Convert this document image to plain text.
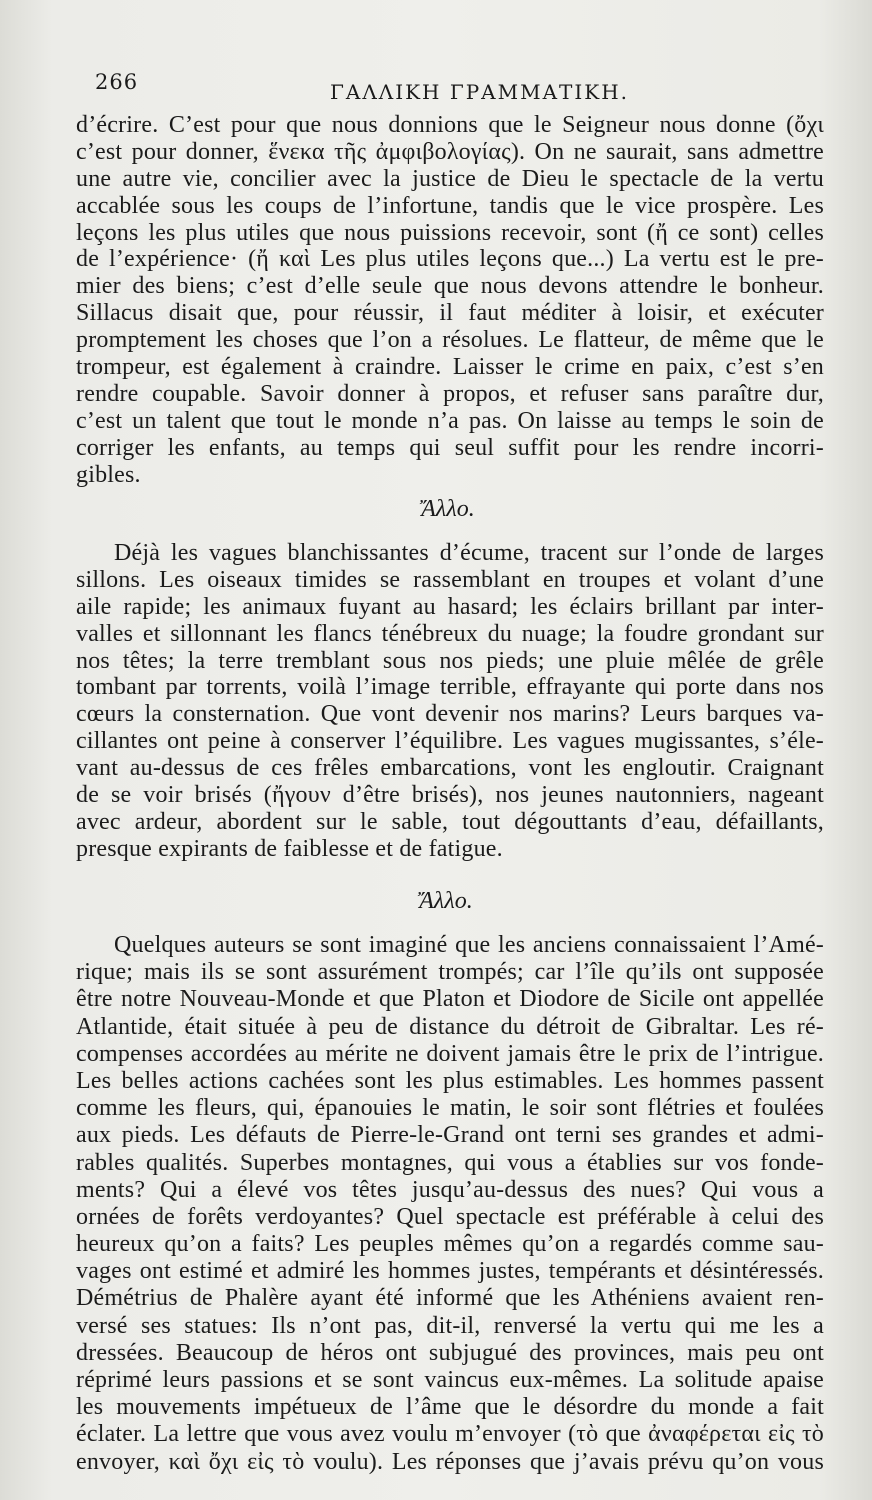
266	ΓΑΛΛΙΚΗ ΓΡΑΜΜΑΤΙΚΗ.
d’écrire. C’est pour que nous donnions que le Seigneur nous donne (ὄχι
c’est pour donner, ἕνεκα τῆς ἀμφιβολογίας). On ne saurait, sans admettre
une autre vie, concilier avec la justice de Dieu le spectacle de la vertu
accablée sous les coups de l’infortune, tandis que le vice prospère. Les
leçons les plus utiles que nous puissions recevoir, sont (ἤ ce sont) celles
de l’expérience· (ἤ καὶ Les plus utiles leçons que...) La vertu est le pre-
mier des biens; c’est d’elle seule que nous devons attendre le bonheur.
Sillacus disait que, pour réussir, il faut méditer à loisir, et exécuter
promptement les choses que l’on a résolues. Le flatteur, de même que le
trompeur, est également à craindre. Laisser le crime en paix, c’est s’en
rendre coupable. Savoir donner à propos, et refuser sans paraître dur,
c’est un talent que tout le monde n’a pas. On laisse au temps le soin de
corriger les enfants, au temps qui seul suffit pour les rendre incorri-
gibles.
Ἄλλο.
Déjà les vagues blanchissantes d’écume, tracent sur l’onde de larges
sillons. Les oiseaux timides se rassemblant en troupes et volant d’une
aile rapide; les animaux fuyant au hasard; les éclairs brillant par inter-
valles et sillonnant les flancs ténébreux du nuage; la foudre grondant sur
nos têtes; la terre tremblant sous nos pieds; une pluie mêlée de grêle
tombant par torrents, voilà l’image terrible, effrayante qui porte dans nos
cœurs la consternation. Que vont devenir nos marins? Leurs barques va-
cillantes ont peine à conserver l’équilibre. Les vagues mugissantes, s’éle-
vant au-dessus de ces frêles embarcations, vont les engloutir. Craignant
de se voir brisés (ἤγουν d’être brisés), nos jeunes nautonniers, nageant
avec ardeur, abordent sur le sable, tout dégouttants d’eau, défaillants,
presque expirants de faiblesse et de fatigue.
Ἄλλο.
Quelques auteurs se sont imaginé que les anciens connaissaient l’Amé-
rique; mais ils se sont assurément trompés; car l’île qu’ils ont supposée
être notre Nouveau-Monde et que Platon et Diodore de Sicile ont appellée
Atlantide, était située à peu de distance du détroit de Gibraltar. Les ré-
compenses accordées au mérite ne doivent jamais être le prix de l’intrigue.
Les belles actions cachées sont les plus estimables. Les hommes passent
comme les fleurs, qui, épanouies le matin, le soir sont flétries et foulées
aux pieds. Les défauts de Pierre-le-Grand ont terni ses grandes et admi-
rables qualités. Superbes montagnes, qui vous a établies sur vos fonde-
ments? Qui a élevé vos têtes jusqu’au-dessus des nues? Qui vous a
ornées de forêts verdoyantes? Quel spectacle est préférable à celui des
heureux qu’on a faits? Les peuples mêmes qu’on a regardés comme sau-
vages ont estimé et admiré les hommes justes, tempérants et désintéressés.
Démétrius de Phalère ayant été informé que les Athéniens avaient ren-
versé ses statues: Ils n’ont pas, dit-il, renversé la vertu qui me les a
dressées. Beaucoup de héros ont subjugué des provinces, mais peu ont
réprimé leurs passions et se sont vaincus eux-mêmes. La solitude apaise
les mouvements impétueux de l’âme que le désordre du monde a fait
éclater. La lettre que vous avez voulu m’envoyer (τὸ que ἀναφέρεται εἰς τὸ
envoyer, καὶ ὄχι εἰς τὸ voulu). Les réponses que j’avais prévu qu’on vous
